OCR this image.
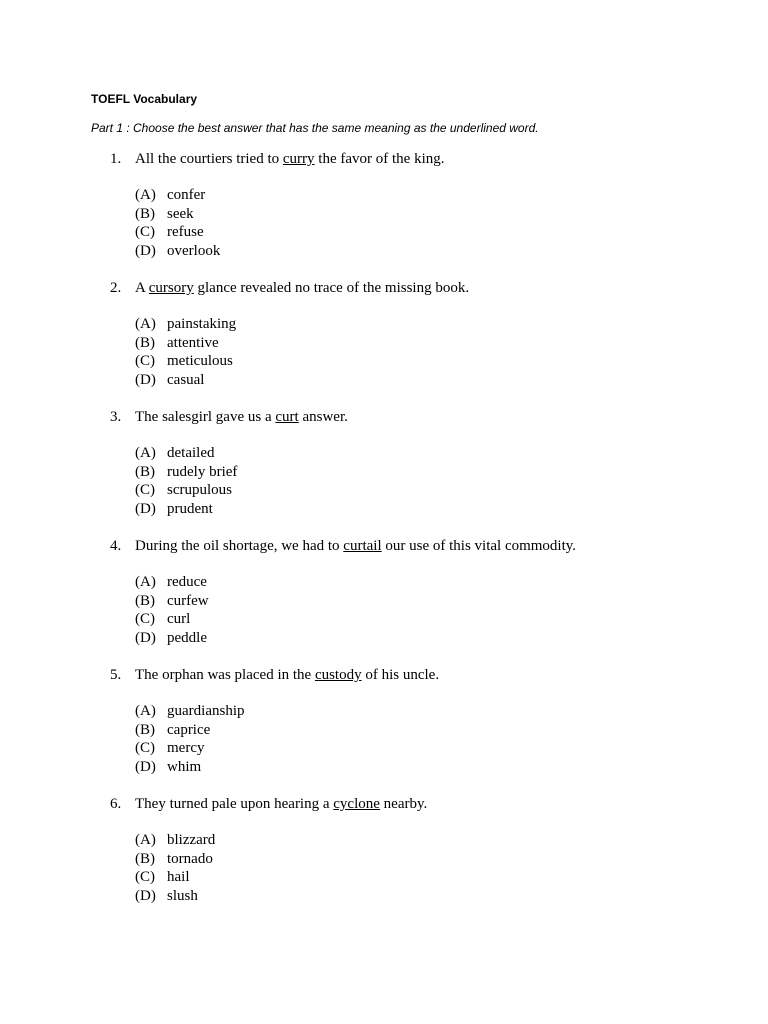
TOEFL Vocabulary
Part 1 : Choose the best answer that has the same meaning as the underlined word.
1. All the courtiers tried to curry the favor of the king.
(A) confer
(B) seek
(C) refuse
(D) overlook
2. A cursory glance revealed no trace of the missing book.
(A) painstaking
(B) attentive
(C) meticulous
(D) casual
3. The salesgirl gave us a curt answer.
(A) detailed
(B) rudely brief
(C) scrupulous
(D) prudent
4. During the oil shortage, we had to curtail our use of this vital commodity.
(A) reduce
(B) curfew
(C) curl
(D) peddle
5. The orphan was placed in the custody of his uncle.
(A) guardianship
(B) caprice
(C) mercy
(D) whim
6. They turned pale upon hearing a cyclone nearby.
(A) blizzard
(B) tornado
(C) hail
(D) slush
